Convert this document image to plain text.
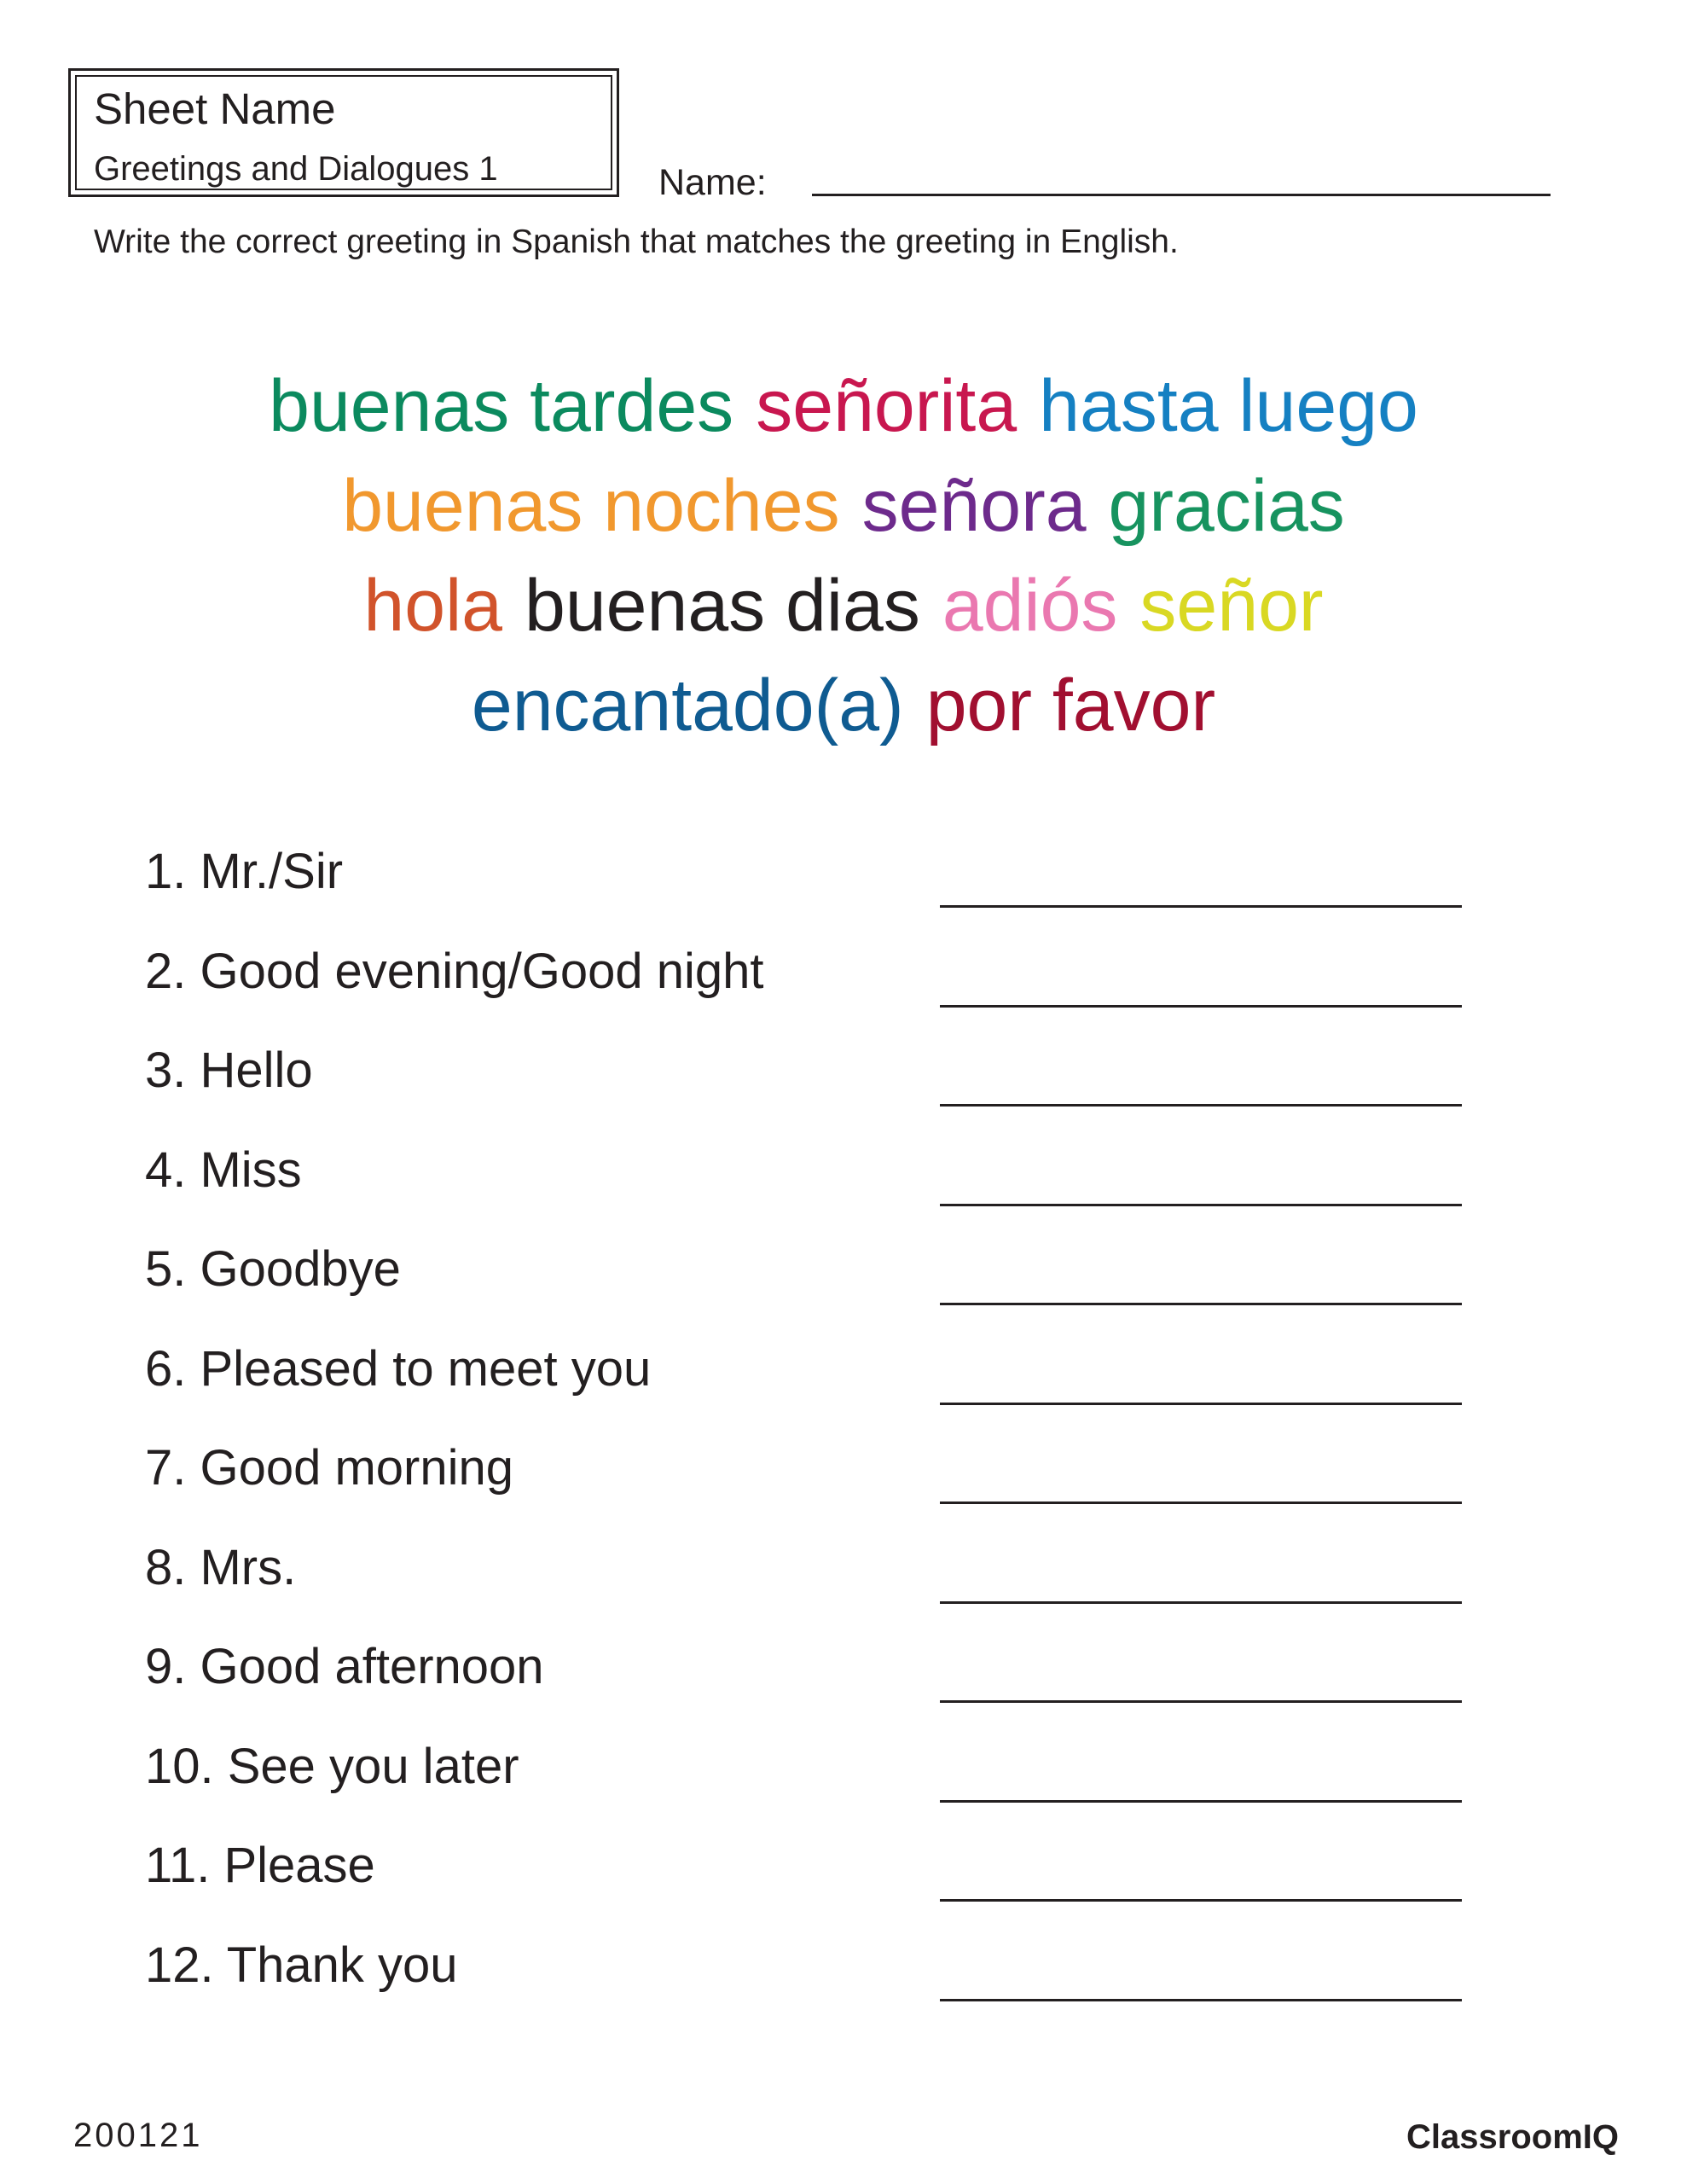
Sheet Name
Greetings and Dialogues 1	Name:
Write the correct greeting in Spanish that matches the greeting in English.
buenas tardes señorita hasta luego
buenas noches señora gracias
hola buenas dias adiós señor
encantado(a) por favor
1. Mr./Sir
2. Good evening/Good night
3. Hello
4. Miss
5. Goodbye
6. Pleased to meet you
7. Good morning
8. Mrs.
9. Good afternoon
10. See you later
11. Please
12. Thank you
200121	ClassroomIQ
